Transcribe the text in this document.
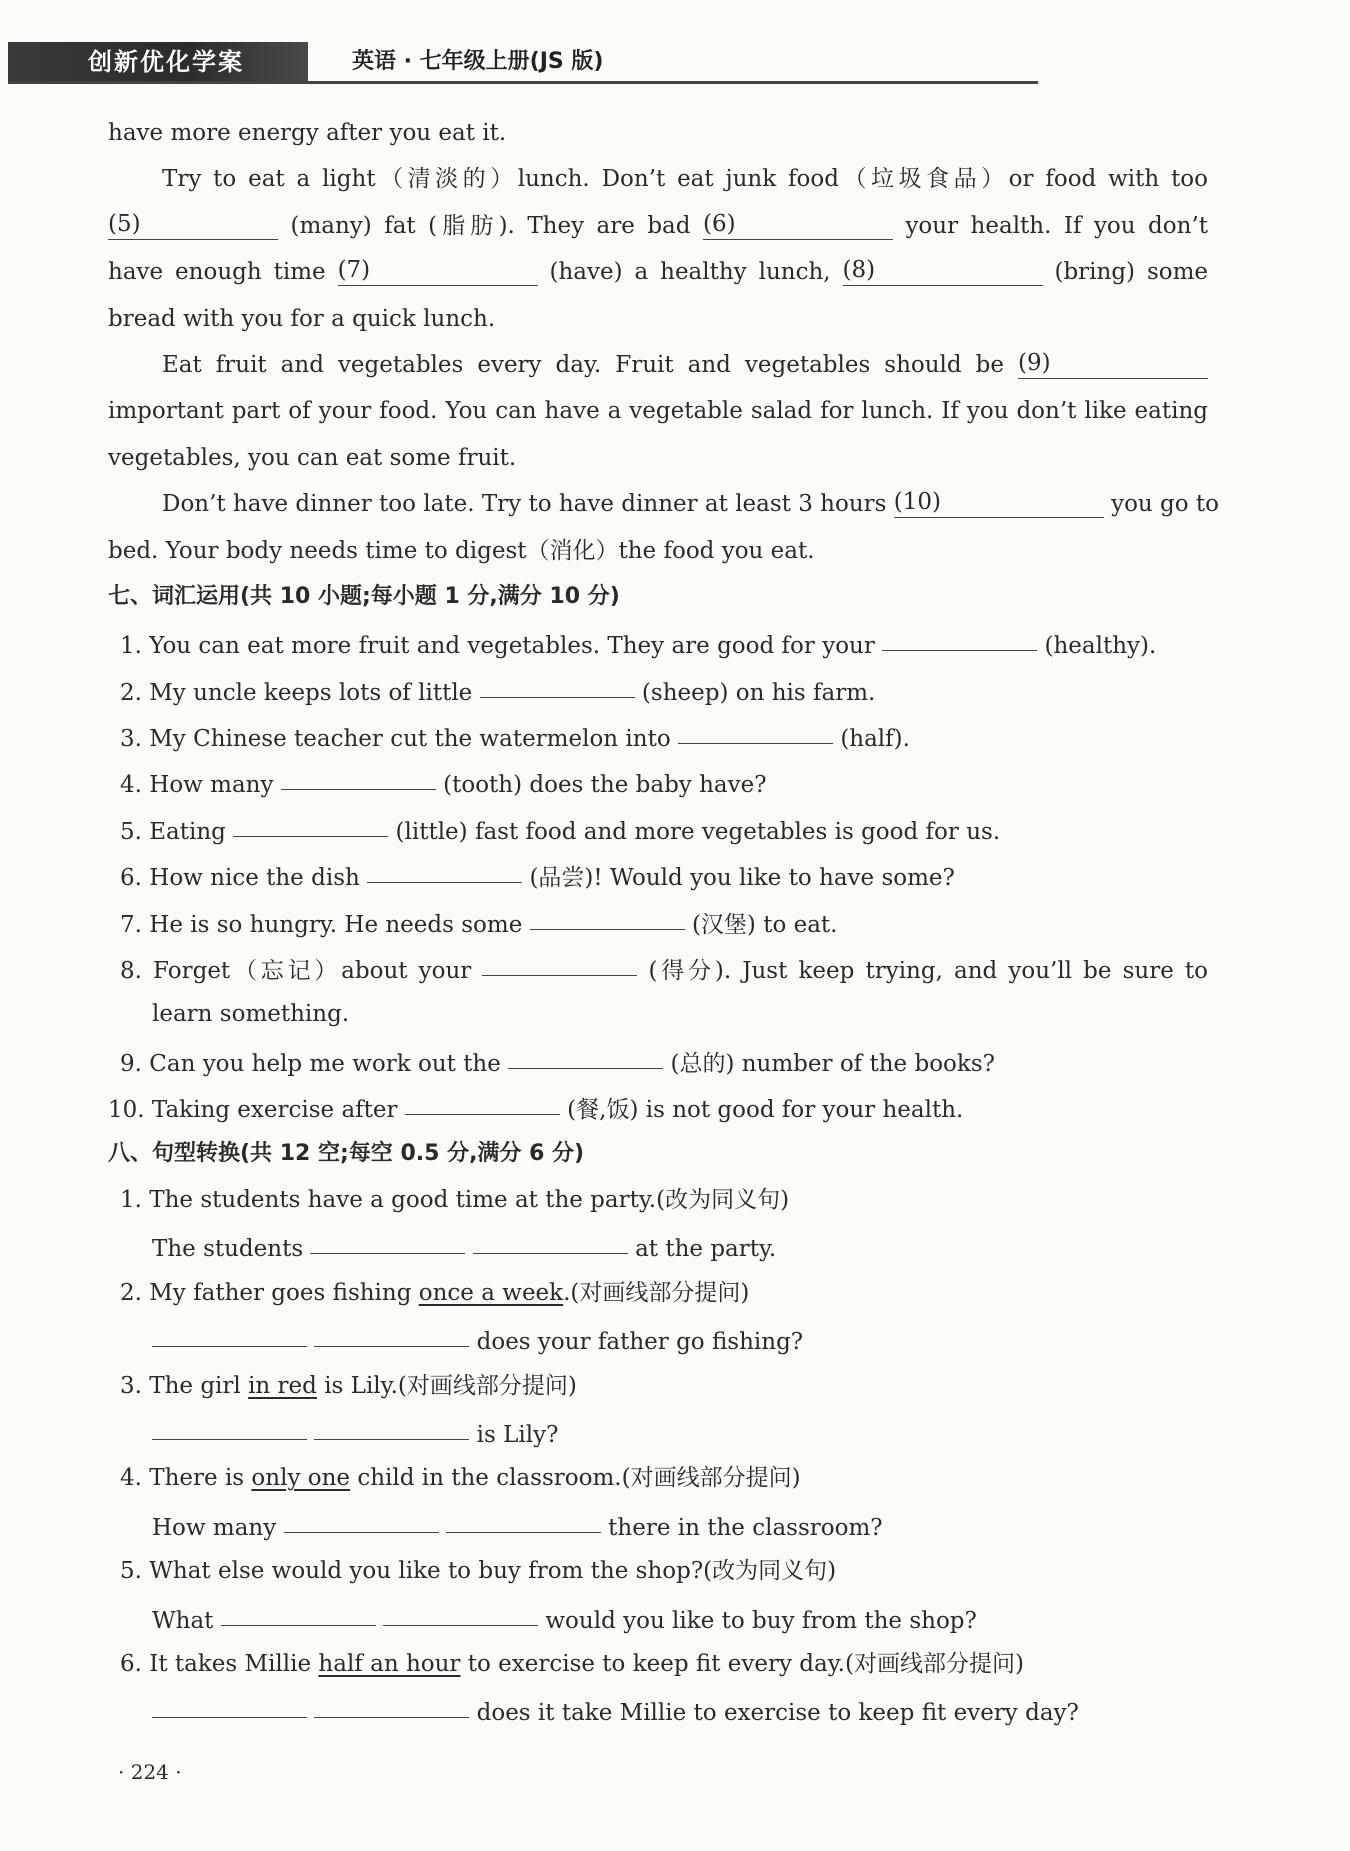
创新优化学案	英语 · 七年级上册(JS 版)
have more energy after you eat it.
Try to eat a light（清淡的）lunch. Don’t eat junk food（垃圾食品）or food with too
(5)	(many) fat (脂肪). They are bad (6)	your health. If you don’t
have enough time (7)	(have) a healthy lunch, (8)	(bring) some
bread with you for a quick lunch.
Eat fruit and vegetables every day. Fruit and vegetables should be (9)
important part of your food. You can have a vegetable salad for lunch. If you don’t like eating
vegetables, you can eat some fruit.
Don’t have dinner too late. Try to have dinner at least 3 hours (10)	you go to
bed. Your body needs time to digest（消化）the food you eat.
七、词汇运用(共 10 小题;每小题 1 分,满分 10 分)
1. You can eat more fruit and vegetables. They are good for your	(healthy).
2. My uncle keeps lots of little	(sheep) on his farm.
3. My Chinese teacher cut the watermelon into	(half).
4. How many	(tooth) does the baby have?
5. Eating	(little) fast food and more vegetables is good for us.
6. How nice the dish	(品尝)! Would you like to have some?
7. He is so hungry. He needs some	(汉堡) to eat.
8. Forget（忘记）about your	(得分). Just keep trying, and you’ll be sure to
learn something.
9. Can you help me work out the	(总的) number of the books?
10. Taking exercise after	(餐,饭) is not good for your health.
八、句型转换(共 12 空;每空 0.5 分,满分 6 分)
1. The students have a good time at the party.(改为同义句)
The students	at the party.
2. My father goes fishing once a week.(对画线部分提问)
does your father go fishing?
3. The girl in red is Lily.(对画线部分提问)
is Lily?
4. There is only one child in the classroom.(对画线部分提问)
How many	there in the classroom?
5. What else would you like to buy from the shop?(改为同义句)
What	would you like to buy from the shop?
6. It takes Millie half an hour to exercise to keep fit every day.(对画线部分提问)
does it take Millie to exercise to keep fit every day?
· 224 ·
